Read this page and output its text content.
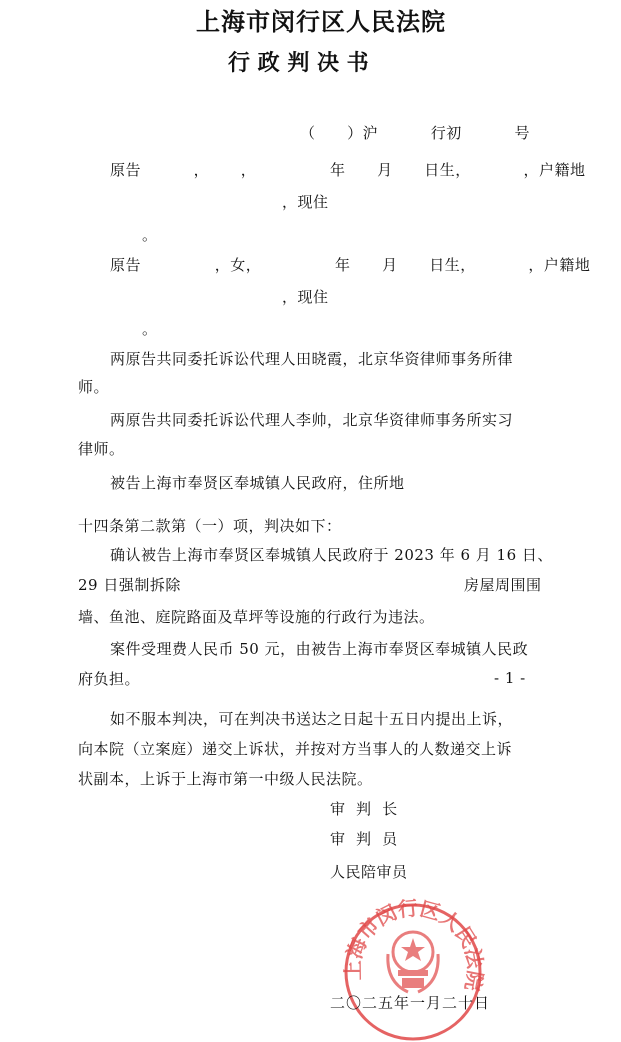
上海市闵行区人民法院
行 政 判 决 书
（      ）沪          行初          号
原告          ，      ，              年      月      日生，          ，户籍地
，现住
。
原告              ，女，              年      月      日生，          ，户籍地
，现住
。
两原告共同委托诉讼代理人田晓霞，北京华资律师事务所律
师。
两原告共同委托诉讼代理人李帅，北京华资律师事务所实习
律师。
被告上海市奉贤区奉城镇人民政府，住所地
十四条第二款第（一）项，判决如下：
确认被告上海市奉贤区奉城镇人民政府于 2023 年 6 月 16 日、
29 日强制拆除	房屋周围围
墙、鱼池、庭院路面及草坪等设施的行政行为违法。
案件受理费人民币 50 元，由被告上海市奉贤区奉城镇人民政
府负担。	- 1 -
如不服本判决，可在判决书送达之日起十五日内提出上诉，
向本院（立案庭）递交上诉状，并按对方当事人的人数递交上诉
状副本，上诉于上海市第一中级人民法院。
审  判  长
审  判  员
人民陪审员
上海市闵行区人民法院
二〇二五年一月二十日
